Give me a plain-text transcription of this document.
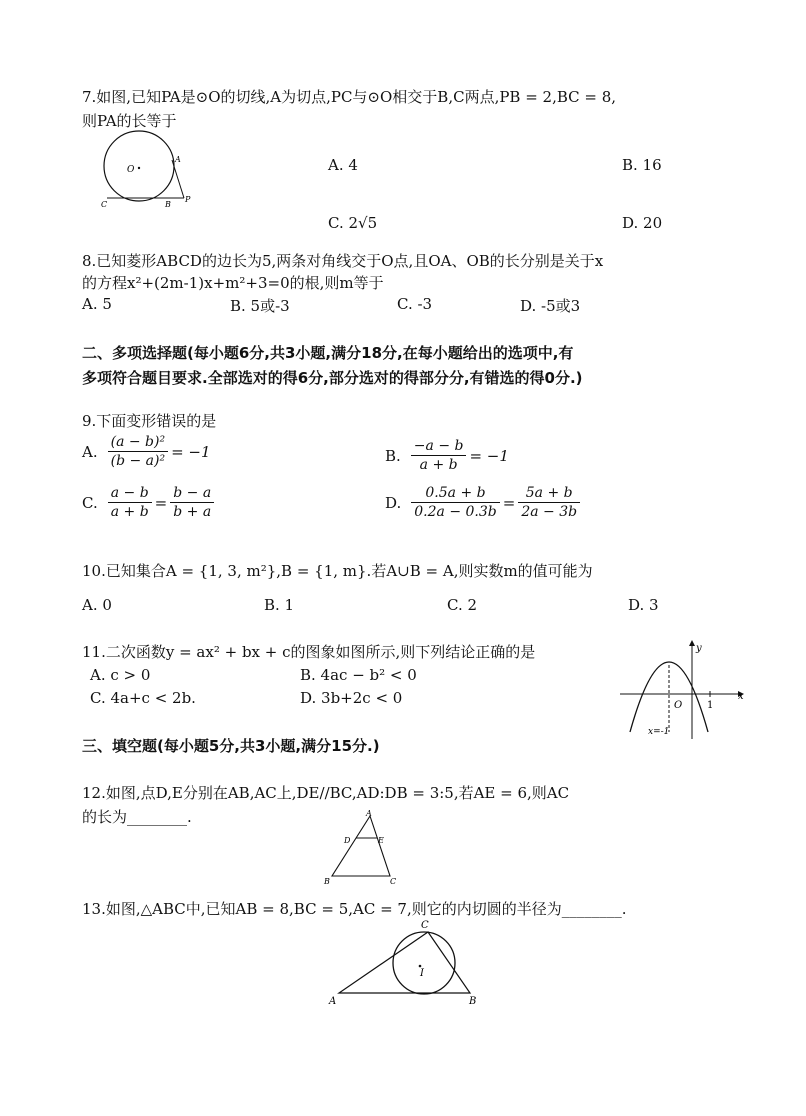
7.如图,已知PA是⊙O的切线,A为切点,PC与⊙O相交于B,C两点,PB = 2,BC = 8,
则PA的长等于
O
A
P
B
C
A. 4	B. 16
C. 2√5	D. 20
8.已知菱形ABCD的边长为5,两条对角线交于O点,且OA、OB的长分别是关于x
的方程x²+(2m-1)x+m²+3=0的根,则m等于
A. 5	B. 5或-3	C. -3	D. -5或3
二、多项选择题(每小题6分,共3小题,满分18分,在每小题给出的选项中,有
多项符合题目要求.全部选对的得6分,部分选对的得部分分,有错选的得0分.)
9.下面变形错误的是
A. $\frac{\text{(a − b)²}}{\text{(b − a)²}} = -1$	B. $\frac{-a - b}{a + b} = -1$
C. $\frac{a - b}{a + b} = \frac{b - a}{b + a}$	D. $\frac{0.5a + b}{0.2a - 0.3b} = \frac{5a + b}{2a - 3b}$
10.已知集合A = {1, 3, m²},B = {1, m}.若A∪B = A,则实数m的值可能为
A. 0	B. 1	C. 2	D. 3
11.二次函数y = ax² + bx + c的图象如图所示,则下列结论正确的是
A. c > 0	B. 4ac − b² < 0
C. 4a+c < 2b.	D. 3b+2c < 0
y
x
O 1
x=-1
三、填空题(每小题5分,共3小题,满分15分.)
12.如图,点D,E分别在AB,AC上,DE//BC,AD:DB = 3:5,若AE = 6,则AC
的长为________.	A
D	E
B	C
13.如图,△ABC中,已知AB = 8,BC = 5,AC = 7,则它的内切圆的半径为________.
C
I
A	B
